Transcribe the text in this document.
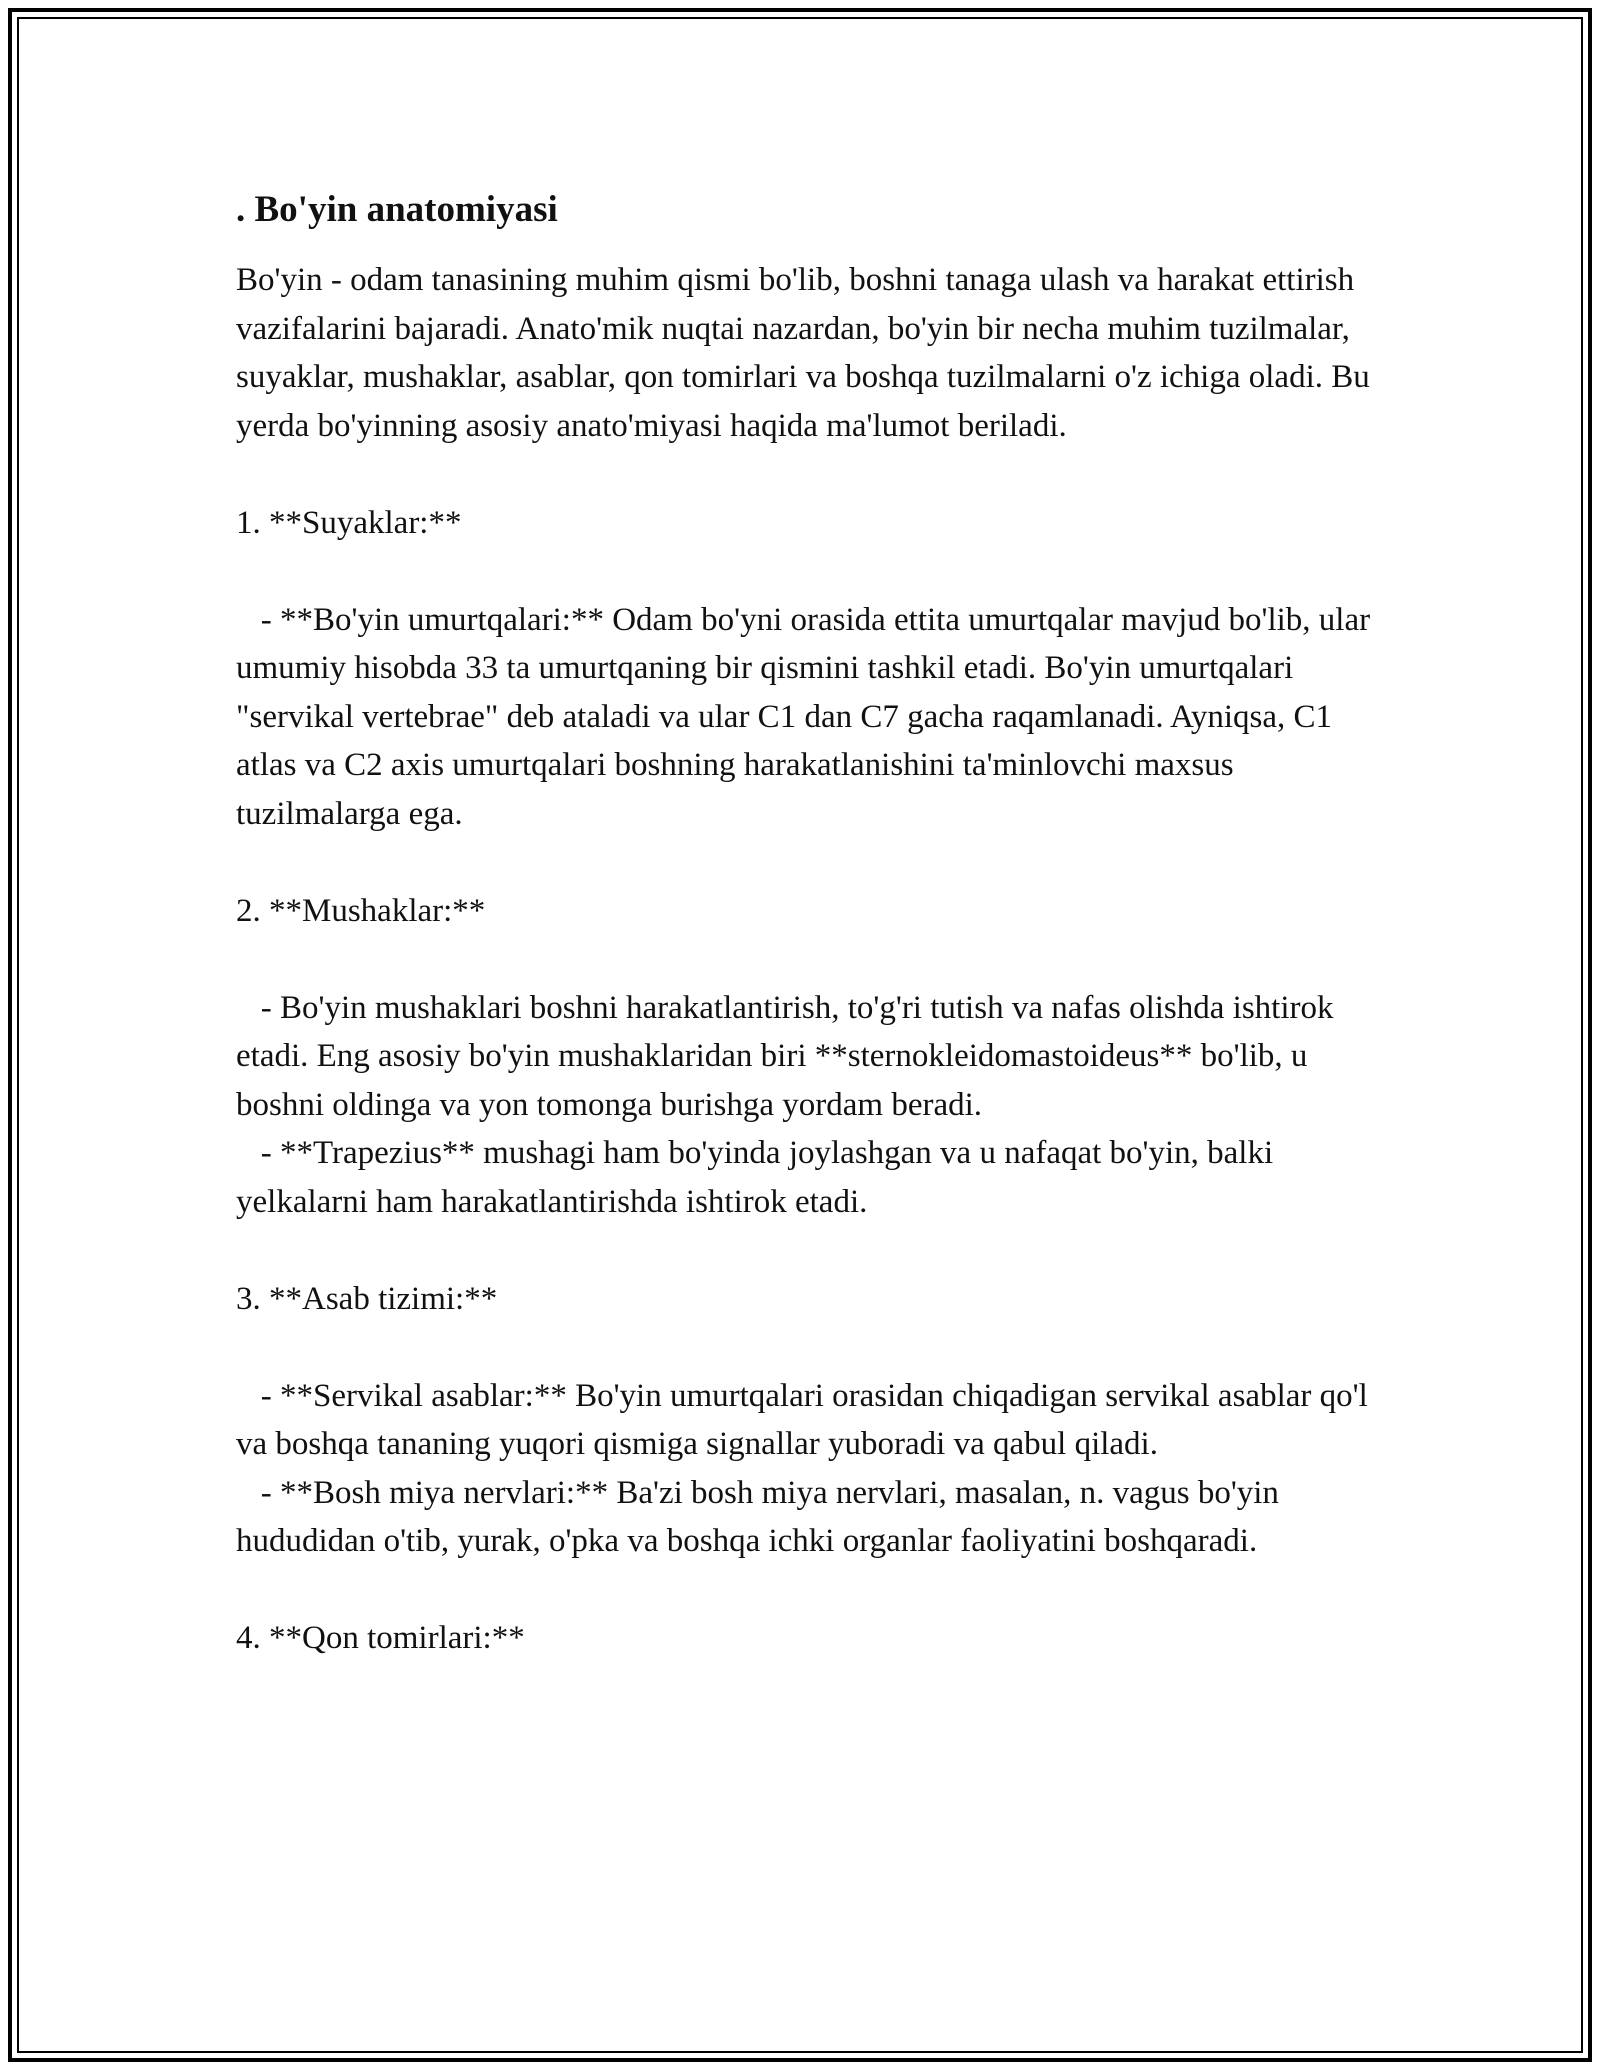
. Bo'yin anatomiyasi

Bo'yin - odam tanasining muhim qismi bo'lib, boshni tanaga ulash va harakat ettirish vazifalarini bajaradi. Anato'mik nuqtai nazardan, bo'yin bir necha muhim tuzilmalar, suyaklar, mushaklar, asablar, qon tomirlari va boshqa tuzilmalarni o'z ichiga oladi. Bu yerda bo'yinning asosiy anato'miyasi haqida ma'lumot beriladi.

1. **Suyaklar:**

- **Bo'yin umurtqalari:** Odam bo'yni orasida ettita umurtqalar mavjud bo'lib, ular umumiy hisobda 33 ta umurtqaning bir qismini tashkil etadi. Bo'yin umurtqalari "servikal vertebrae" deb ataladi va ular C1 dan C7 gacha raqamlanadi. Ayniqsa, C1 atlas va C2 axis umurtqalari boshning harakatlanishini ta'minlovchi maxsus tuzilmalarga ega.

2. **Mushaklar:**

- Bo'yin mushaklari boshni harakatlantirish, to'g'ri tutish va nafas olishda ishtirok etadi. Eng asosiy bo'yin mushaklaridan biri **sternokleidomastoideus** bo'lib, u boshni oldinga va yon tomonga burishga yordam beradi.

- **Trapezius** mushagi ham bo'yinda joylashgan va u nafaqat bo'yin, balki yelkalarni ham harakatlantirishda ishtirok etadi.

3. **Asab tizimi:**

- **Servikal asablar:** Bo'yin umurtqalari orasidan chiqadigan servikal asablar qo'l va boshqa tananing yuqori qismiga signallar yuboradi va qabul qiladi.

- **Bosh miya nervlari:** Ba'zi bosh miya nervlari, masalan, n. vagus bo'yin hududidan o'tib, yurak, o'pka va boshqa ichki organlar faoliyatini boshqaradi.

4. **Qon tomirlari:**
